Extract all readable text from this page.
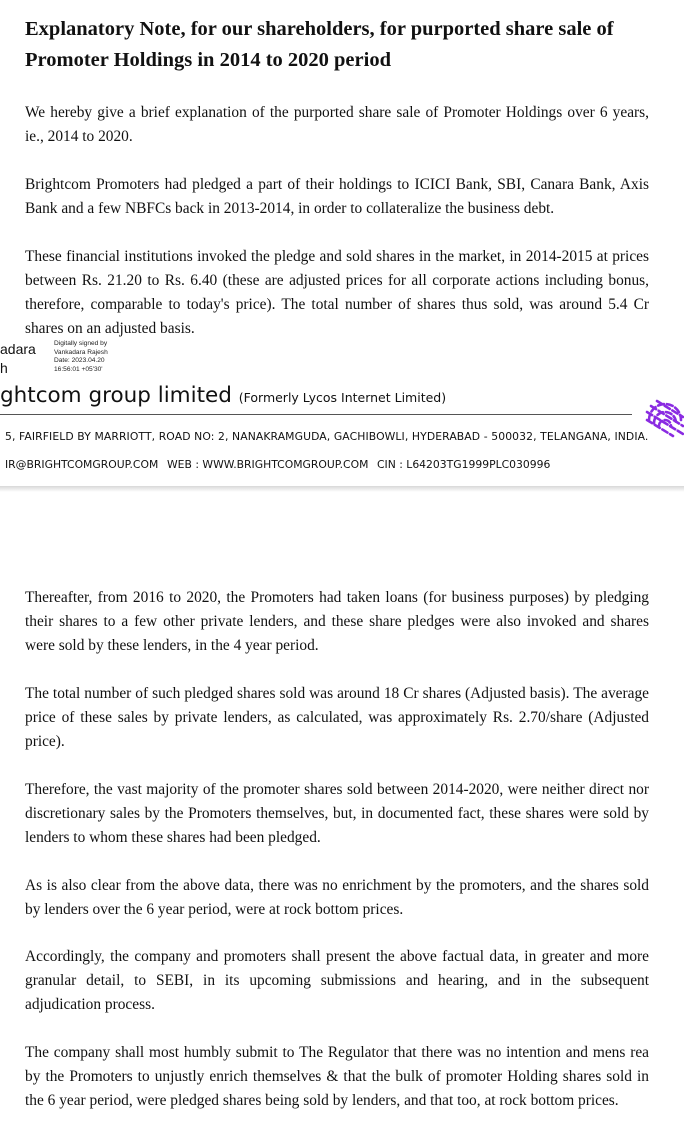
Explanatory Note, for our shareholders, for purported share sale of Promoter Holdings in 2014 to 2020 period

We hereby give a brief explanation of the purported share sale of Promoter Holdings over 6 years, ie., 2014 to 2020.

Brightcom Promoters had pledged a part of their holdings to ICICI Bank, SBI, Canara Bank, Axis Bank and a few NBFCs back in 2013-2014, in order to collateralize the business debt.

These financial institutions invoked the pledge and sold shares in the market, in 2014-2015 at prices between Rs. 21.20 to Rs. 6.40 (these are adjusted prices for all corporate actions including bonus, therefore, comparable to today's price). The total number of shares thus sold, was around 5.4 Cr shares on an adjusted basis.

adara
h
Digitally signed by
Vankadara Rajesh
Date: 2023.04.20
16:56:01 +05'30'
ghtcom group limited (Formerly Lycos Internet Limited)
5, FAIRFIELD BY MARRIOTT, ROAD NO: 2, NANAKRAMGUDA, GACHIBOWLI, HYDERABAD - 500032, TELANGANA, INDIA.
IR@BRIGHTCOMGROUP.COM WEB : WWW.BRIGHTCOMGROUP.COM CIN : L64203TG1999PLC030996

Thereafter, from 2016 to 2020, the Promoters had taken loans (for business purposes) by pledging their shares to a few other private lenders, and these share pledges were also invoked and shares were sold by these lenders, in the 4 year period.

The total number of such pledged shares sold was around 18 Cr shares (Adjusted basis). The average price of these sales by private lenders, as calculated, was approximately Rs. 2.70/share (Adjusted price).

Therefore, the vast majority of the promoter shares sold between 2014-2020, were neither direct nor discretionary sales by the Promoters themselves, but, in documented fact, these shares were sold by lenders to whom these shares had been pledged.

As is also clear from the above data, there was no enrichment by the promoters, and the shares sold by lenders over the 6 year period, were at rock bottom prices.

Accordingly, the company and promoters shall present the above factual data, in greater and more granular detail, to SEBI, in its upcoming submissions and hearing, and in the subsequent adjudication process.

The company shall most humbly submit to The Regulator that there was no intention and mens rea by the Promoters to unjustly enrich themselves & that the bulk of promoter Holding shares sold in the 6 year period, were pledged shares being sold by lenders, and that too, at rock bottom prices.
